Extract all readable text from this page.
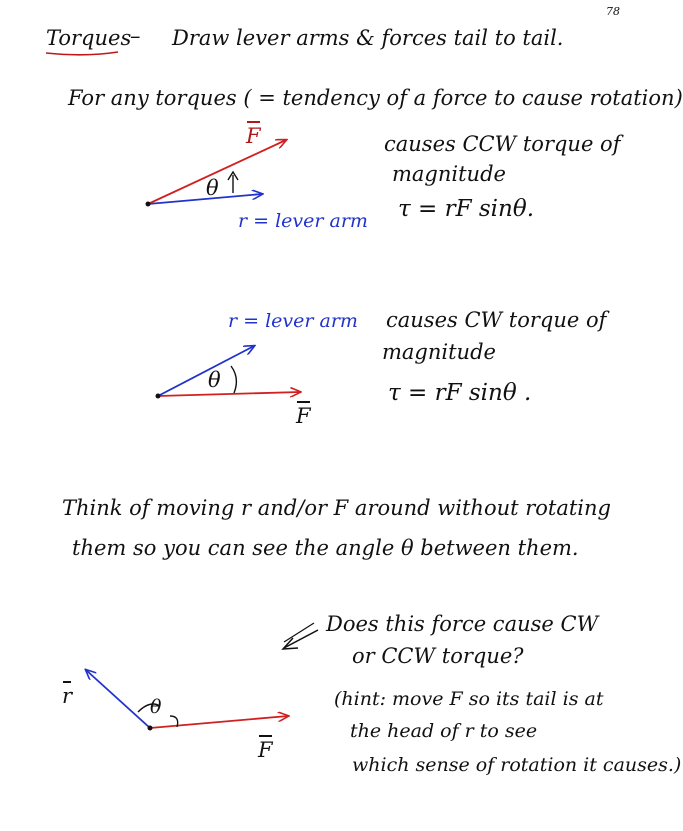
78
Torques
– Draw lever arms & forces tail to tail.
For any torques ( = tendency of a force to cause rotation)
F
θ
r = lever arm
causes CCW torque of
magnitude
τ = rF sinθ.
r = lever arm
θ
F
causes CW torque of
magnitude
τ = rF sinθ .
Think of moving r and/or F around without rotating
them so you can see the angle θ between them.
r	θ
F
Does this force cause CW
or CCW torque?
(hint: move F so its tail is at
the head of r to see
which sense of rotation it causes.)
